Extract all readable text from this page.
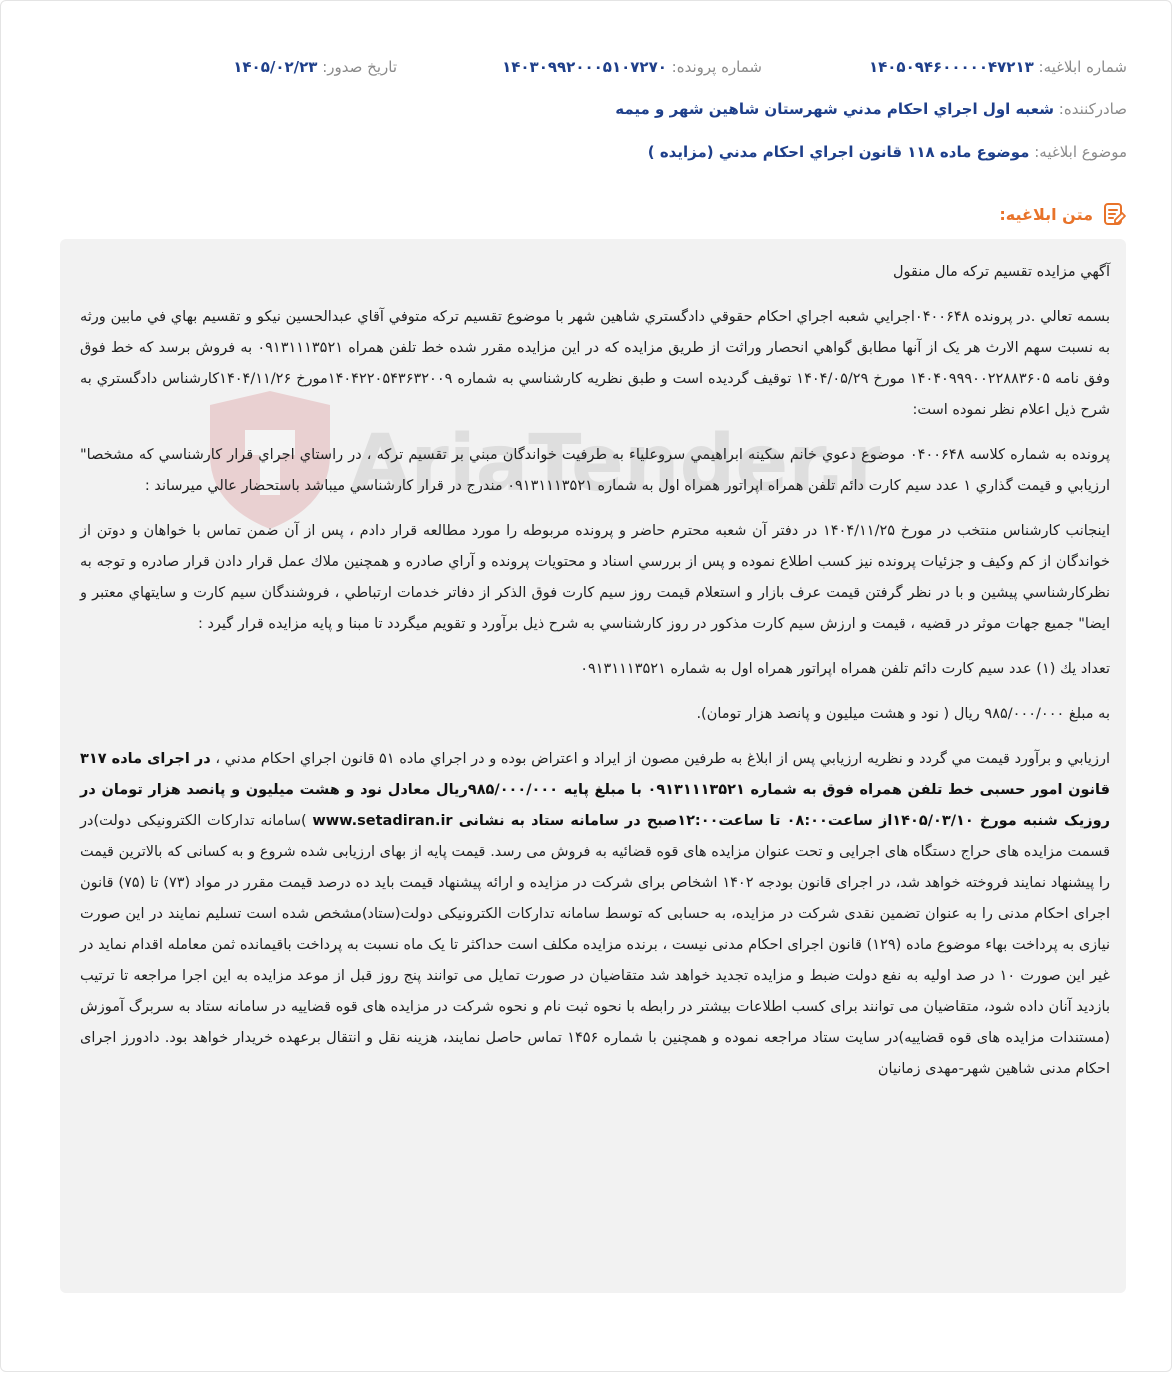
شماره ابلاغيه: ۱۴۰۵۰۹۴۶۰۰۰۰۰۴۷۲۱۳
شماره پرونده: ۱۴۰۳۰۹۹۲۰۰۰۵۱۰۷۲۷۰
تاريخ صدور: ۱۴۰۵/۰۲/۲۳
صادرکننده: شعبه اول اجراي احکام مدني شهرستان شاهين شهر و ميمه
موضوع ابلاغيه: موضوع ماده ۱۱۸ قانون اجراي احکام مدني (مزايده )
متن ابلاغيه:

آگهي مزايده تقسيم ترکه مال منقول

بسمه تعالي .در پرونده ۰۴۰۰۶۴۸اجرايي شعبه اجراي احکام حقوقي دادگستري شاهين شهر با موضوع تقسيم ترکه متوفي آقاي عبدالحسين نيکو و تقسيم بهاي في مابين ورثه به نسبت سهم الارث هر يک از آنها مطابق گواهي انحصار وراثت از طريق مزايده که در اين مزايده مقرر شده خط تلفن همراه ۰۹۱۳۱۱۱۳۵۲۱ به فروش برسد که خط فوق وفق نامه ۱۴۰۴۰۹۹۹۰۰۲۲۸۸۳۶۰۵ مورخ ۱۴۰۴/۰۵/۲۹ توقيف گرديده است و طبق نظريه کارشناسي به شماره ۱۴۰۴۲۲۰۵۴۳۶۳۲۰۰۹مورخ ۱۴۰۴/۱۱/۲۶کارشناس دادگستري به شرح ذيل اعلام نظر نموده است:

پرونده به شماره کلاسه ۰۴۰۰۶۴۸ موضوع دعوي خانم سکينه ابراهيمي سروعلياء به طرفيت خواندگان مبني بر تقسيم ترکه ، در راستاي اجراي قرار کارشناسي که مشخصا" ارزيابي و قيمت گذاري ۱ عدد سيم کارت دائم تلفن همراه اپراتور همراه اول به شماره ۰۹۱۳۱۱۱۳۵۲۱ مندرج در قرار کارشناسي ميباشد باستحضار عالي ميرساند :

اينجانب کارشناس منتخب در مورخ ۱۴۰۴/۱۱/۲۵ در دفتر آن شعبه محترم حاضر و پرونده مربوطه را مورد مطالعه قرار دادم ، پس از آن ضمن تماس با خواهان و دوتن از خواندگان از کم وکيف و جزئيات پرونده نيز کسب اطلاع نموده و پس از بررسي اسناد و محتويات پرونده و آراي صادره و همچنين ملاك عمل قرار دادن قرار صادره و توجه به نظرکارشناسي پيشين و با در نظر گرفتن قيمت عرف بازار و استعلام قيمت روز سيم کارت فوق الذکر از دفاتر خدمات ارتباطي ، فروشندگان سيم کارت و سايتهاي معتبر و ايضا" جميع جهات موثر در قضيه ، قيمت و ارزش سيم کارت مذکور در روز کارشناسي به شرح ذيل برآورد و تقويم ميگردد تا مبنا و پايه مزايده قرار گيرد :

تعداد يك (۱) عدد سيم کارت دائم تلفن همراه اپراتور همراه اول به شماره ۰۹۱۳۱۱۱۳۵۲۱

به مبلغ ۹۸۵/۰۰۰/۰۰۰ ريال ( نود و هشت ميليون و پانصد هزار تومان).

ارزيابي و برآورد قيمت مي گردد و نظريه ارزيابي پس از ابلاغ به طرفين مصون از ايراد و اعتراض بوده و در اجراي ماده ۵۱ قانون اجراي احکام مدني ، در اجرای ماده ۳۱۷ قانون امور حسبی خط تلفن همراه فوق به شماره ۰۹۱۳۱۱۱۳۵۲۱ با مبلغ پایه ۹۸۵/۰۰۰/۰۰۰ریال معادل نود و هشت میلیون و پانصد هزار تومان در روزیک شنبه مورخ ۱۴۰۵/۰۳/۱۰از ساعت۰۸:۰۰ تا ساعت۱۲:۰۰صبح در سامانه ستاد به نشانی www.setadiran.ir )سامانه تدارکات الکترونیکی دولت)در قسمت مزایده های حراج دستگاه های اجرایی و تحت عنوان مزایده های قوه قضائیه به فروش می رسد. قیمت پایه از بهای ارزیابی شده شروع و به کسانی که بالاترین قیمت را پیشنهاد نمایند فروخته خواهد شد، در اجرای قانون بودجه ۱۴۰۲ اشخاص برای شرکت در مزایده و ارائه پیشنهاد قیمت باید ده درصد قیمت مقرر در مواد (۷۳) تا (۷۵) قانون اجرای احکام مدنی را به عنوان تضمین نقدی شرکت در مزایده، به حسابی که توسط سامانه تدارکات الکترونیکی دولت(ستاد)مشخص شده است تسلیم نمایند در این صورت نیازی به پرداخت بهاء موضوع ماده (۱۲۹) قانون اجرای احکام مدنی نیست ، برنده مزایده مکلف است حداکثر تا یک ماه نسبت به پرداخت باقیمانده ثمن معامله اقدام نماید در غیر این صورت ۱۰ در صد اولیه به نفع دولت ضبط و مزایده تجدید خواهد شد متقاضیان در صورت تمایل می توانند پنج روز قبل از موعد مزایده به این اجرا مراجعه تا ترتیب بازدید آنان داده شود، متقاضیان می توانند برای کسب اطلاعات بیشتر در رابطه با نحوه ثبت نام و نحوه شرکت در مزایده های قوه قضاییه در سامانه ستاد به سربرگ آموزش (مستندات مزایده های قوه قضاییه)در سایت ستاد مراجعه نموده و همچنین با شماره ۱۴۵۶ تماس حاصل نمایند، هزینه نقل و انتقال برعهده خریدار خواهد بود. دادورز اجرای احکام مدنی شاهین شهر-مهدی زمانیان
